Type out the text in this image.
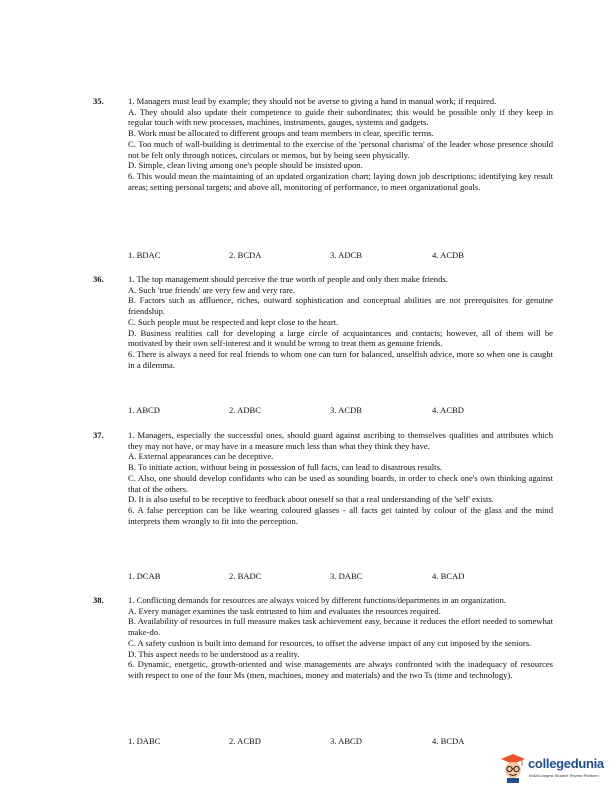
35.	1. Managers must lead by example; they should not be averse to giving a hand in manual work; if required.

A. They should also update their competence to guide their subordinates; this would be possible only if they keep in regular touch with new processes, machines, instruments, gauges, systems and gadgets.

B. Work must be allocated to different groups and team members in clear, specific terms.

C. Too much of wall-building is detrimental to the exercise of the 'personal charisma' of the leader whose presence should not be felt only through notices, circulars or memos, but by being seen physically.

D. Simple, clean living among one's people should be insisted upon.

6. This would mean the maintaining of an updated organization chart; laying down job descriptions; identifying key result areas; setting personal targets; and above all, monitoring of performance, to meet organizational goals.

1. BDAC	2. BCDA	3. ADCB	4. ACDB
36.	1. The top management should perceive the true worth of people and only then make friends.

A. Such 'true friends' are very few and very rare.

B. Factors such as affluence, riches, outward sophistication and conceptual abilities are not prerequisites for genuine friendship.

C. Such people must be respected and kept close to the heart.

D. Business realities call for developing a large circle of acquaintances and contacts; however, all of them will be motivated by their own self-interest and it would be wrong to treat them as genuine friends.

6. There is always a need for real friends to whom one can turn for balanced, unselfish advice, more so when one is caught in a dilemma.

1. ABCD	2. ADBC	3. ACDB	4. ACBD
37.	1. Managers, especially the successful ones, should guard against ascribing to themselves qualities and attributes which they may not have, or may have in a measure much less than what they think they have.

A. External appearances can be deceptive.

B. To initiate action, without being in possession of full facts, can lead to disastrous results.

C. Also, one should develop confidants who can be used as sounding boards, in order to check one's own thinking against that of the others.

D. It is also useful to be receptive to feedback about oneself so that a real understanding of the 'self' exists.

6. A false perception can be like wearing coloured glasses - all facts get tainted by colour of the glass and the mind interprets them wrongly to fit into the perception.

1. DCAB	2. BADC	3. DABC	4. BCAD
38.	1. Conflicting demands for resources are always voiced by different functions/departments in an organization.

A. Every manager examines the task entrusted to him and evaluates the resources required.

B. Availability of resources in full measure makes task achievement easy, because it reduces the effort needed to somewhat make-do.

C. A safety cushion is built into demand for resources, to offset the adverse impact of any cut imposed by the seniors.

D. This aspect needs to be understood as a reality.

6. Dynamic, energetic, growth-oriented and wise managements are always confronted with the inadequacy of resources with respect to one of the four Ms (men, machines, money and materials) and the two Ts (time and technology).

1. DABC	2. ACBD	3. ABCD	4. BCDA
collegedunia
India's largest Student Review Platform
